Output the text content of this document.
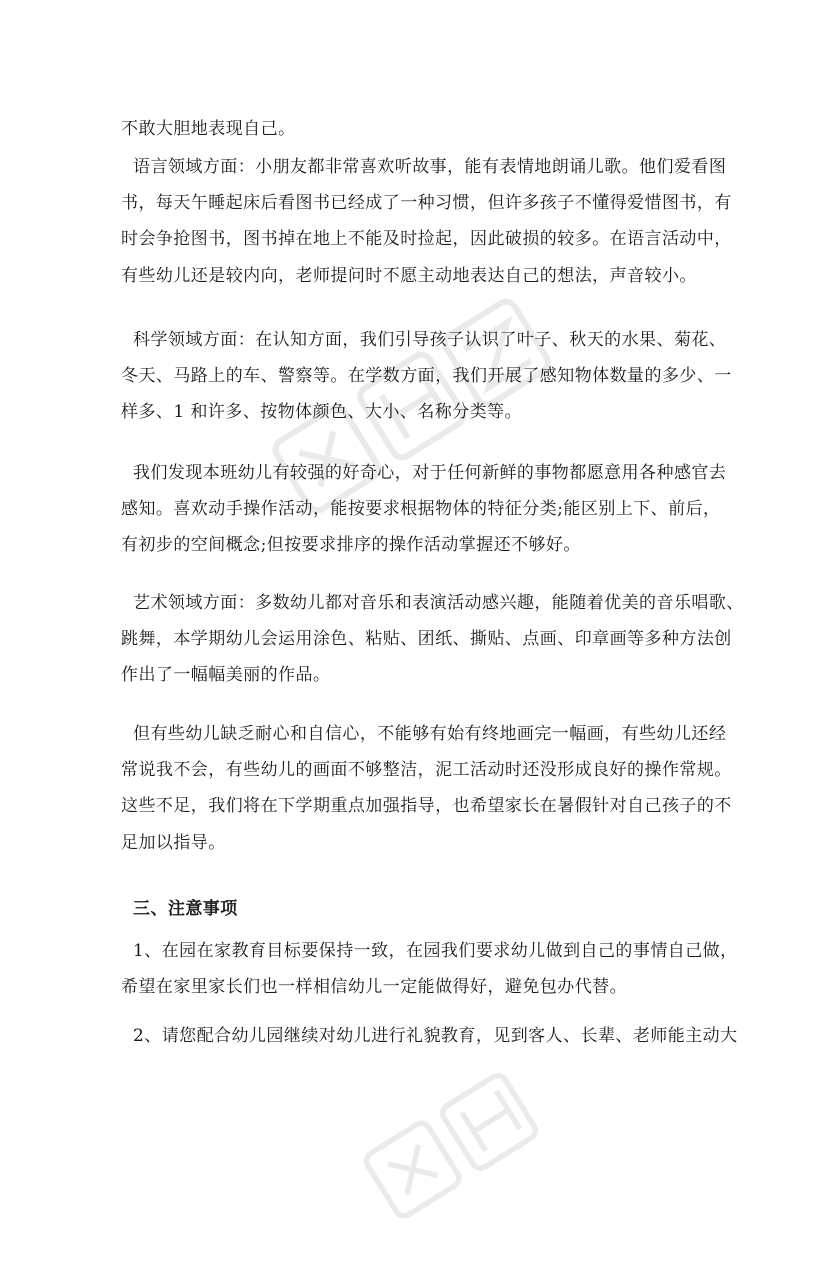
不敢大胆地表现自己。
语言领域方面：小朋友都非常喜欢听故事，能有表情地朗诵儿歌。他们爱看图
书，每天午睡起床后看图书已经成了一种习惯，但许多孩子不懂得爱惜图书，有
时会争抢图书，图书掉在地上不能及时捡起，因此破损的较多。在语言活动中，
有些幼儿还是较内向，老师提问时不愿主动地表达自己的想法，声音较小。
科学领域方面：在认知方面，我们引导孩子认识了叶子、秋天的水果、菊花、
冬天、马路上的车、警察等。在学数方面，我们开展了感知物体数量的多少、一
样多、1 和许多、按物体颜色、大小、名称分类等。
我们发现本班幼儿有较强的好奇心，对于任何新鲜的事物都愿意用各种感官去
感知。喜欢动手操作活动，能按要求根据物体的特征分类;能区别上下、前后，
有初步的空间概念;但按要求排序的操作活动掌握还不够好。
艺术领域方面：多数幼儿都对音乐和表演活动感兴趣，能随着优美的音乐唱歌、
跳舞，本学期幼儿会运用涂色、粘贴、团纸、撕贴、点画、印章画等多种方法创
作出了一幅幅美丽的作品。
但有些幼儿缺乏耐心和自信心，不能够有始有终地画完一幅画，有些幼儿还经
常说我不会，有些幼儿的画面不够整洁，泥工活动时还没形成良好的操作常规。
这些不足，我们将在下学期重点加强指导，也希望家长在暑假针对自己孩子的不
足加以指导。
三、注意事项
1、在园在家教育目标要保持一致，在园我们要求幼儿做到自己的事情自己做，
希望在家里家长们也一样相信幼儿一定能做得好，避免包办代替。
2、请您配合幼儿园继续对幼儿进行礼貌教育，见到客人、长辈、老师能主动大
